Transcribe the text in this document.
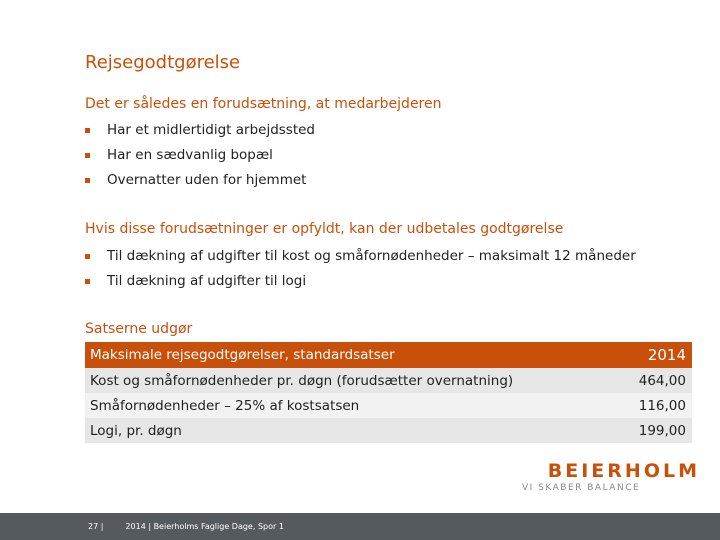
Rejsegodtgørelse
Det er således en forudsætning, at medarbejderen
Har et midlertidigt arbejdssted
Har en sædvanlig bopæl
Overnatter uden for hjemmet
Hvis disse forudsætninger er opfyldt, kan der udbetales godtgørelse
Til dækning af udgifter til kost og småfornødenheder – maksimalt 12 måneder
Til dækning af udgifter til logi
Satserne udgør
Maksimale rejsegodtgørelser, standardsatser	2014
Kost og småfornødenheder pr. døgn (forudsætter overnatning)	464,00
Småfornødenheder – 25% af kostsatsen	116,00
Logi, pr. døgn	199,00
BEIERHOLM
VI SKABER BALANCE
27 |	2014 | Beierholms Faglige Dage, Spor 1
